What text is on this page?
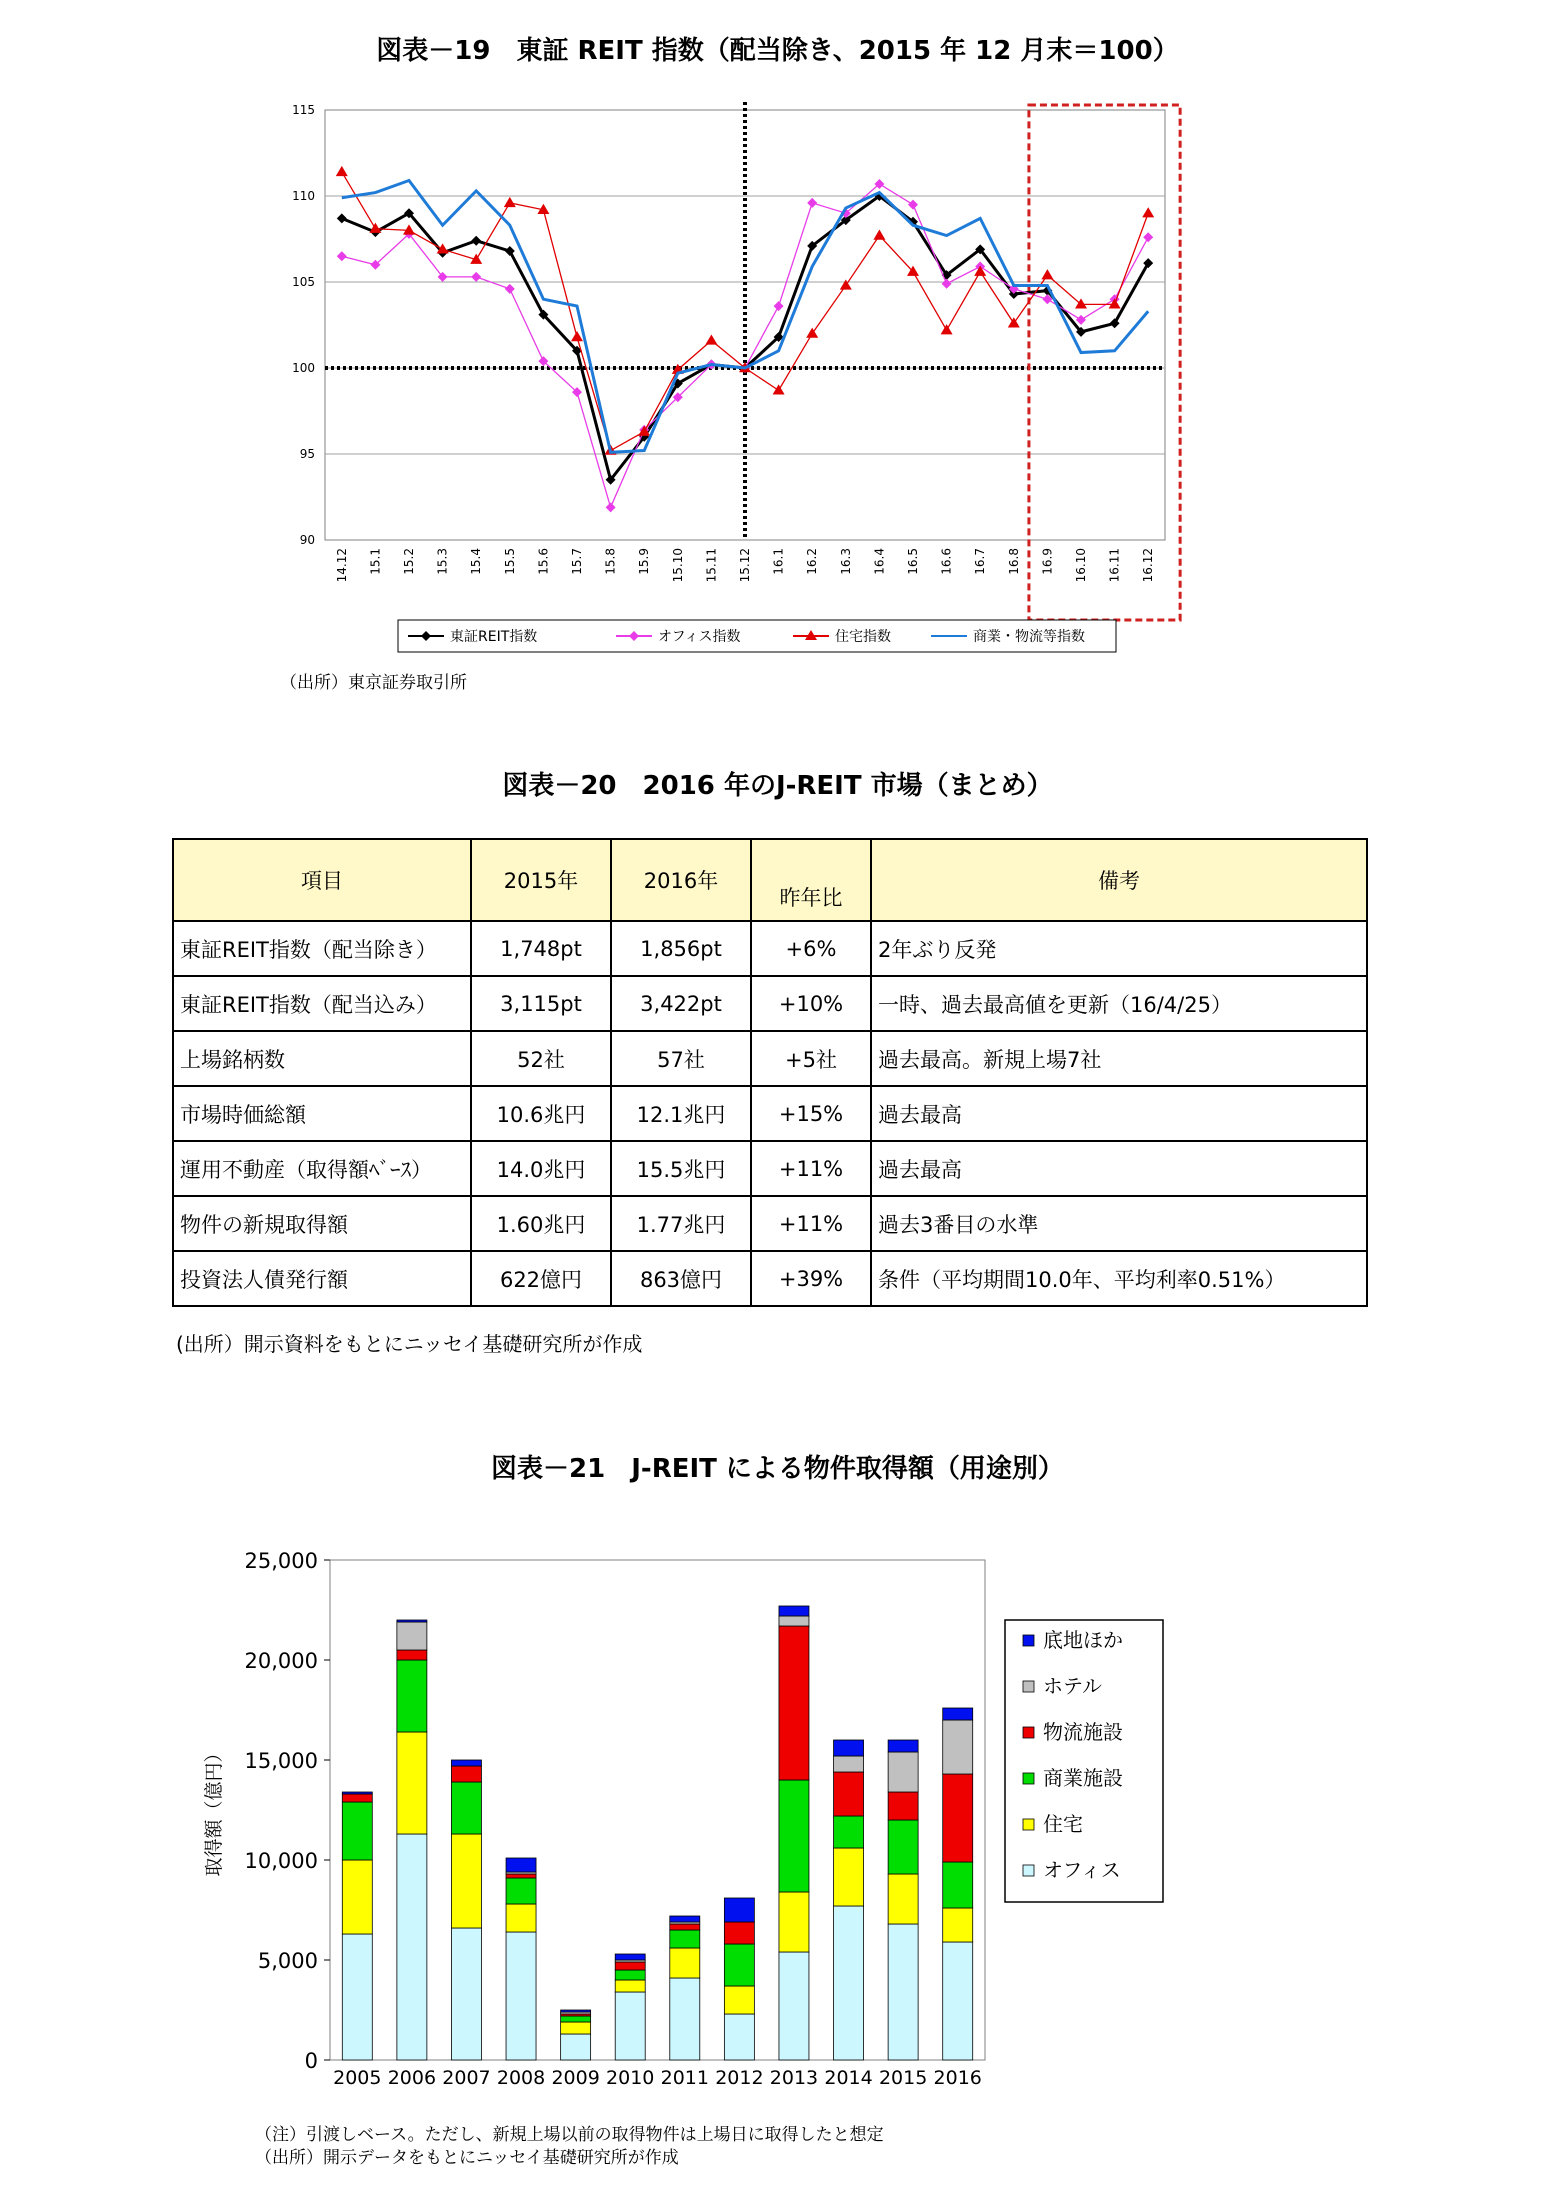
図表－19　東証 REIT 指数（配当除き、2015 年 12 月末＝100）
90
95
100
105
110
115
14.12 15.1 15.2 15.3 15.4 15.5 15.6 15.7 15.8 15.9 15.10 15.11 15.12 16.1 16.2 16.3 16.4 16.5 16.6 16.7 16.8 16.9 16.10 16.11 16.12
東証REIT指数	オフィス指数	住宅指数	商業・物流等指数
（出所）東京証券取引所
図表－20　2016 年のJ-REIT 市場（まとめ）
項目	2015年	2016年	昨年比	備考
東証REIT指数（配当除き）	1,748pt	1,856pt	+6%	2年ぶり反発
東証REIT指数（配当込み）	3,115pt	3,422pt	+10%	一時、過去最高値を更新（16/4/25）
上場銘柄数	52社	57社	+5社	過去最高。新規上場7社
市場時価総額	10.6兆円	12.1兆円	+15%	過去最高
運用不動産（取得額ﾍﾞｰｽ）	14.0兆円	15.5兆円	+11%	過去最高
物件の新規取得額	1.60兆円	1.77兆円	+11%	過去3番目の水準
投資法人債発行額	622億円	863億円	+39%	条件（平均期間10.0年、平均利率0.51%）
(出所）開示資料をもとにニッセイ基礎研究所が作成
図表－21　J-REIT による物件取得額（用途別）
0
5,000
10,000
15,000
20,000
25,000
取得額（億円）
2005 2006 2007 2008 2009 2010 2011 2012 2013 2014 2015 2016
底地ほか
ホテル
物流施設
商業施設
住宅
オフィス
（注）引渡しベース。ただし、新規上場以前の取得物件は上場日に取得したと想定
（出所）開示データをもとにニッセイ基礎研究所が作成
